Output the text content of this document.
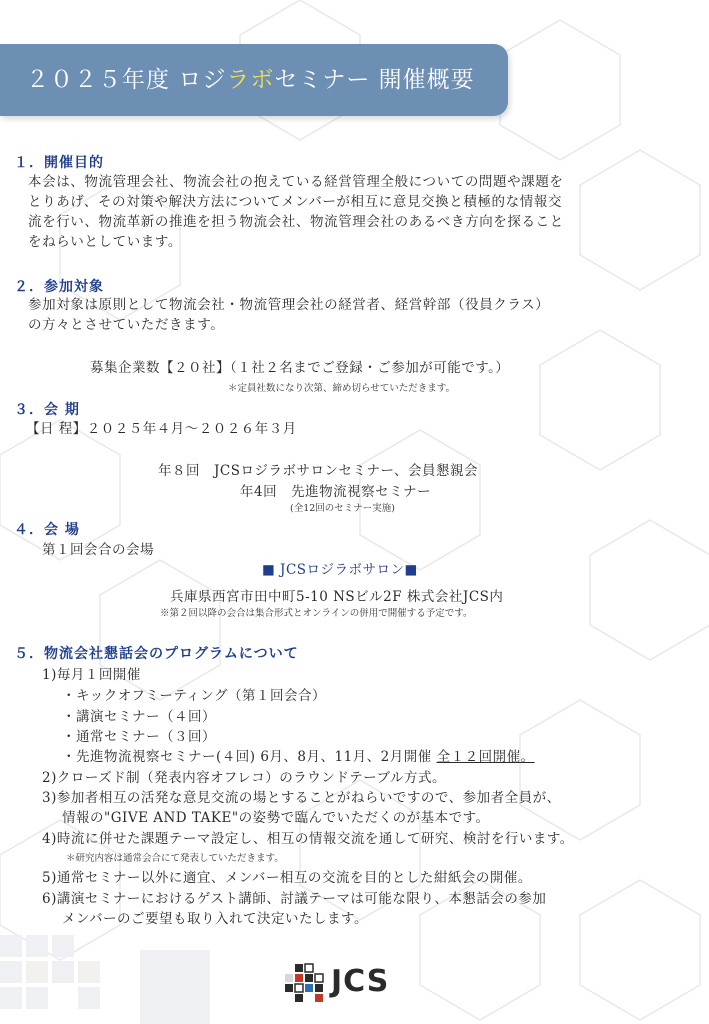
２０２５年度 ロジラボセミナー 開催概要
１．開催目的
本会は、物流管理会社、物流会社の抱えている経営管理全般についての問題や課題を
とりあげ、その対策や解決方法についてメンバーが相互に意見交換と積極的な情報交
流を行い、物流革新の推進を担う物流会社、物流管理会社のあるべき方向を探ること
をねらいとしています。
２．参加対象
参加対象は原則として物流会社・物流管理会社の経営者、経営幹部（役員クラス）
の方々とさせていただきます。
募集企業数【２０社】（１社２名までご登録・ご参加が可能です。）
＊定員社数になり次第、締め切らせていただきます。
３．会 期
【日 程】２０２５年４月～２０２６年３月
年８回　JCSロジラボサロンセミナー、会員懇親会
年4回　先進物流視察セミナー
(全12回のセミナー実施)
４．会 場
第１回会合の会場
■ JCSロジラボサロン■
兵庫県西宮市田中町5‐10 NSビル2F 株式会社JCS内
※第２回以降の会合は集合形式とオンラインの併用で開催する予定です。
５．物流会社懇話会のプログラムについて
1)毎月１回開催
・キックオフミーティング（第１回会合）
・講演セミナー（４回）
・通常セミナー（３回）
・先進物流視察セミナー(４回) 6月、8月、11月、2月開催 全１２回開催。
2)クローズド制（発表内容オフレコ）のラウンドテーブル方式。
3)参加者相互の活発な意見交流の場とすることがねらいですので、参加者全員が、
情報の"GIVE AND TAKE"の姿勢で臨んでいただくのが基本です。
4)時流に併せた課題テーマ設定し、相互の情報交流を通して研究、検討を行います。
＊研究内容は通常会合にて発表していただきます。
5)通常セミナー以外に適宜、メンバー相互の交流を目的とした紺紙会の開催。
6)講演セミナーにおけるゲスト講師、討議テーマは可能な限り、本懇話会の参加
メンバーのご要望も取り入れて決定いたします。
JCS
